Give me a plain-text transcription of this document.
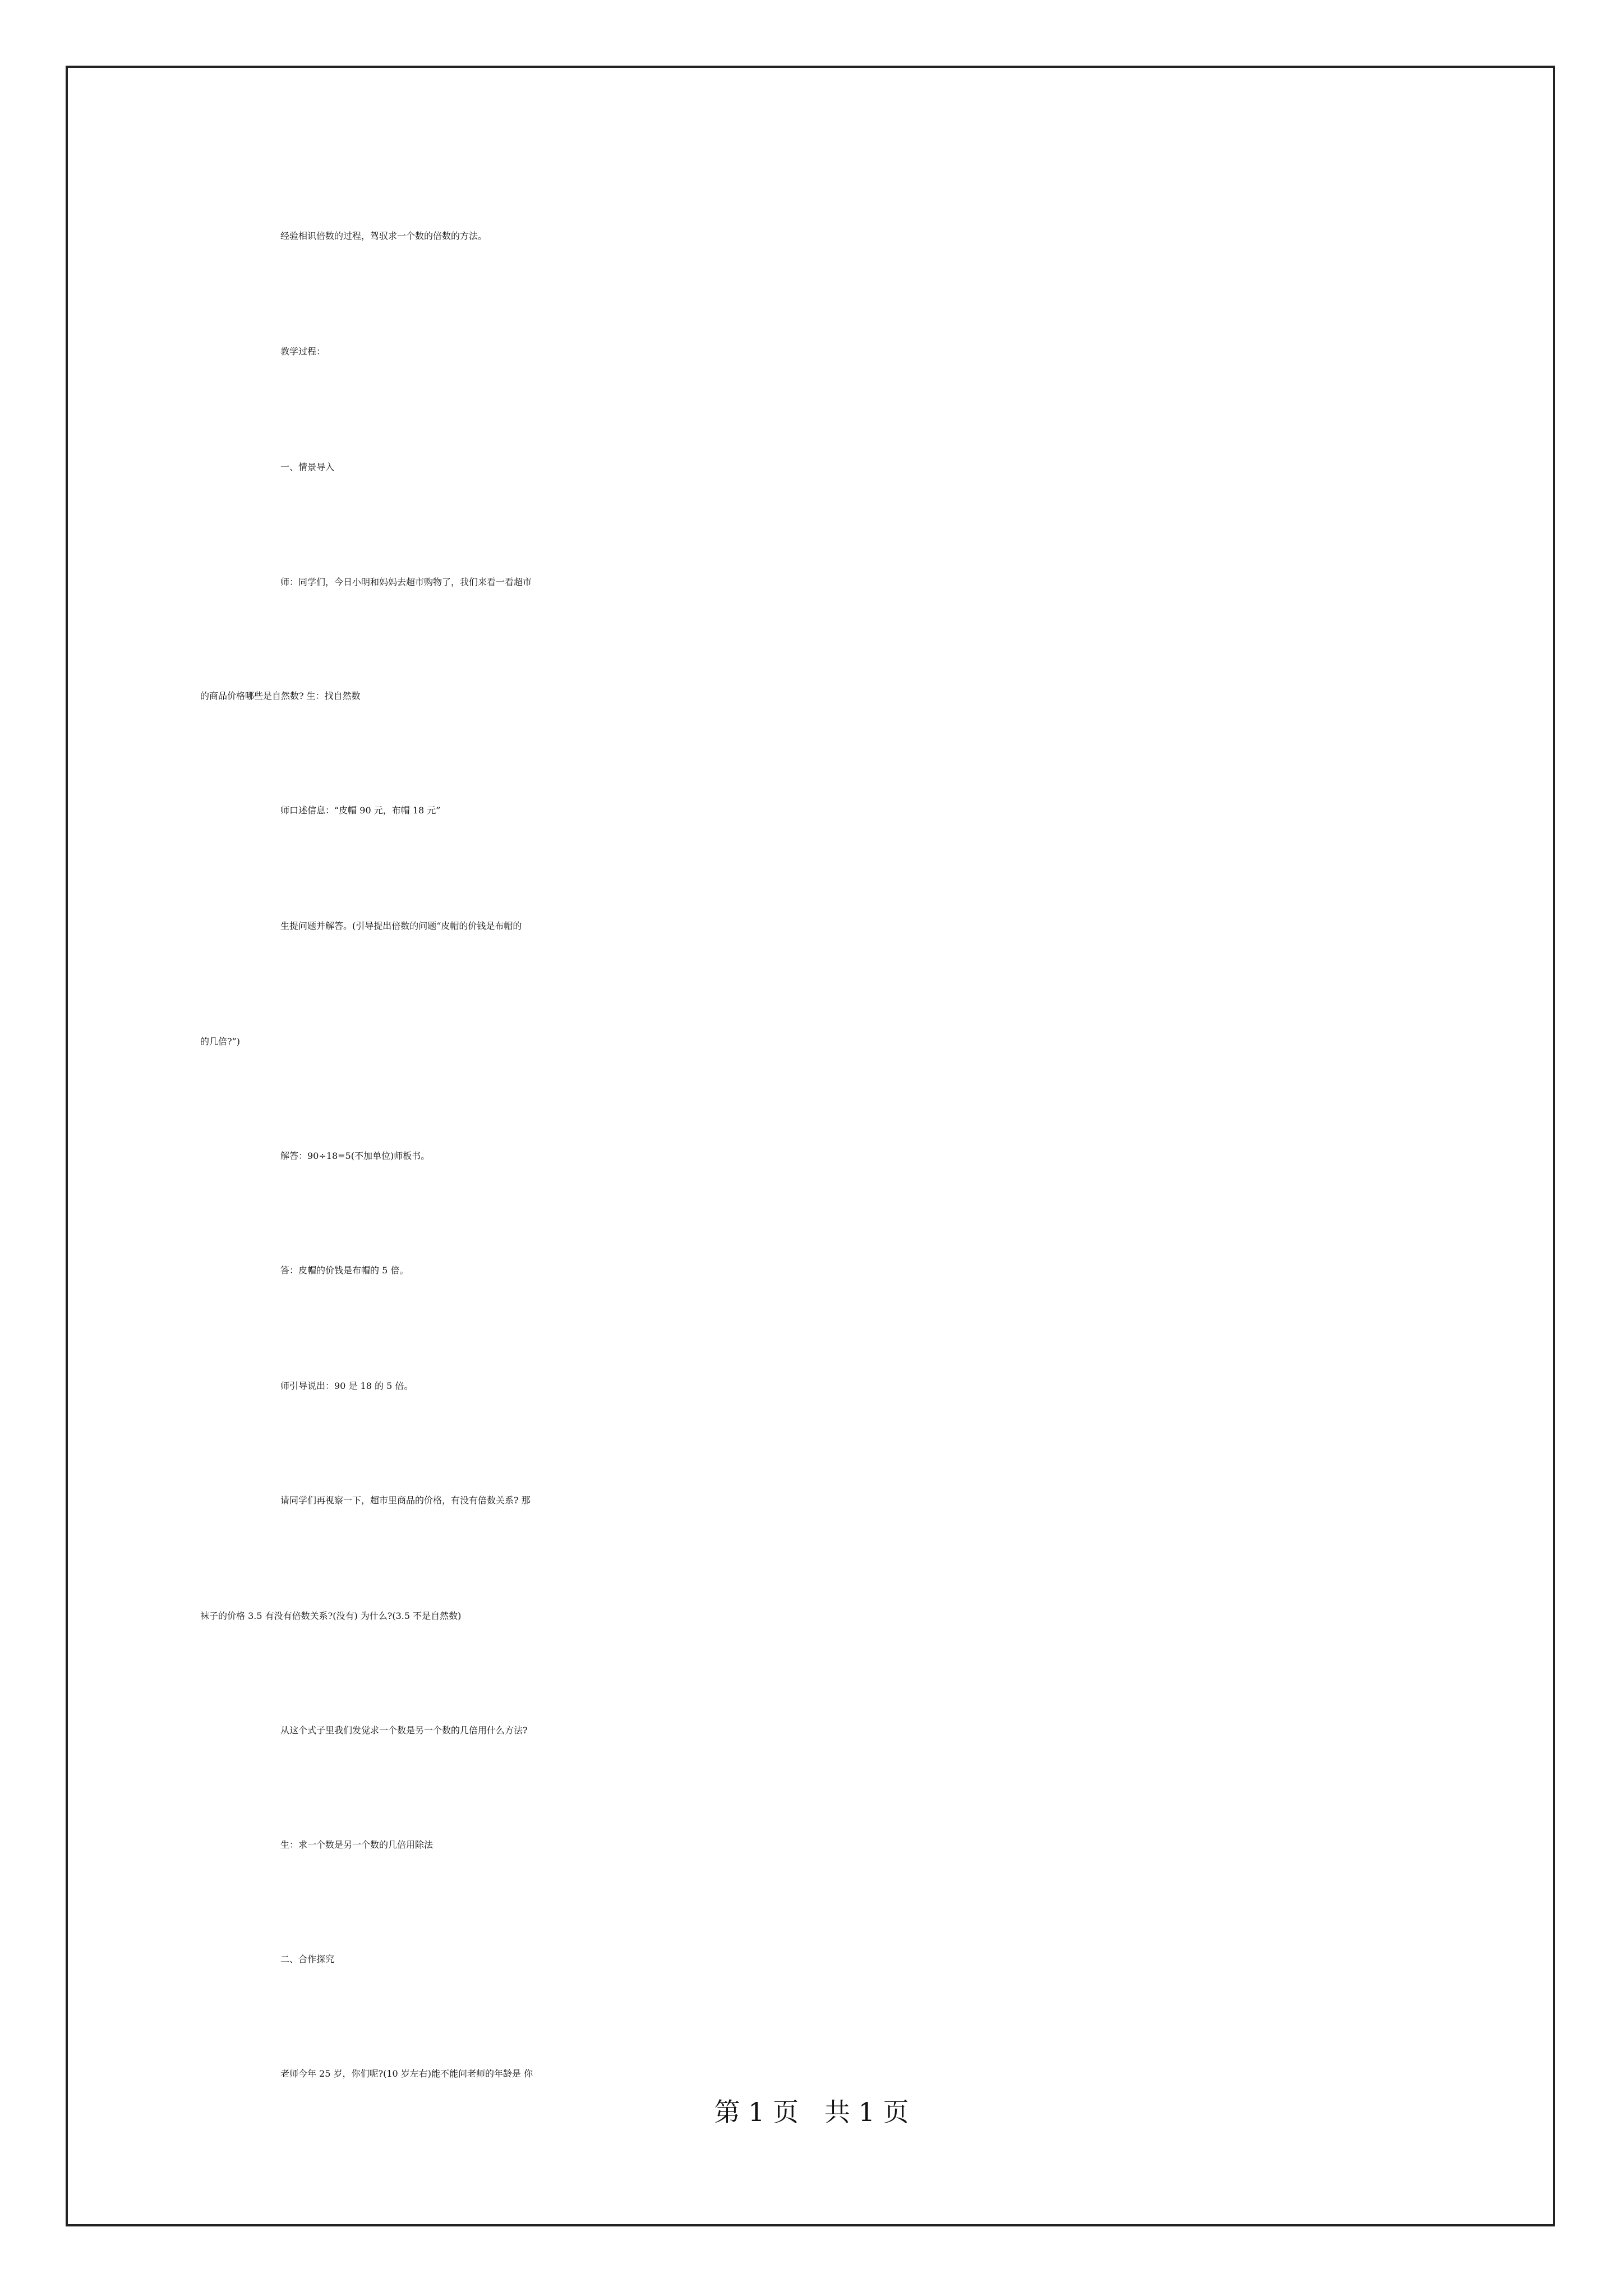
经验相识倍数的过程，驾驭求一个数的倍数的方法。
教学过程：
一、情景导入
师：同学们，今日小明和妈妈去超市购物了，我们来看一看超市
的商品价格哪些是自然数? 生：找自然数
师口述信息：“皮帽 90 元，布帽 18 元”
生提问题并解答。(引导提出倍数的问题“皮帽的价钱是布帽的
的几倍?”)
解答：90÷18=5(不加单位)师板书。
答：皮帽的价钱是布帽的 5 倍。
师引导说出：90 是 18 的 5 倍。
请同学们再视察一下，超市里商品的价格，有没有倍数关系? 那
袜子的价格 3.5 有没有倍数关系?(没有) 为什么?(3.5 不是自然数)
从这个式子里我们发觉求一个数是另一个数的几倍用什么方法?
生：求一个数是另一个数的几倍用除法
二、合作探究
老师今年 25 岁，你们呢?(10 岁左右)能不能问老师的年龄是 你
第 1 页　共 1 页
